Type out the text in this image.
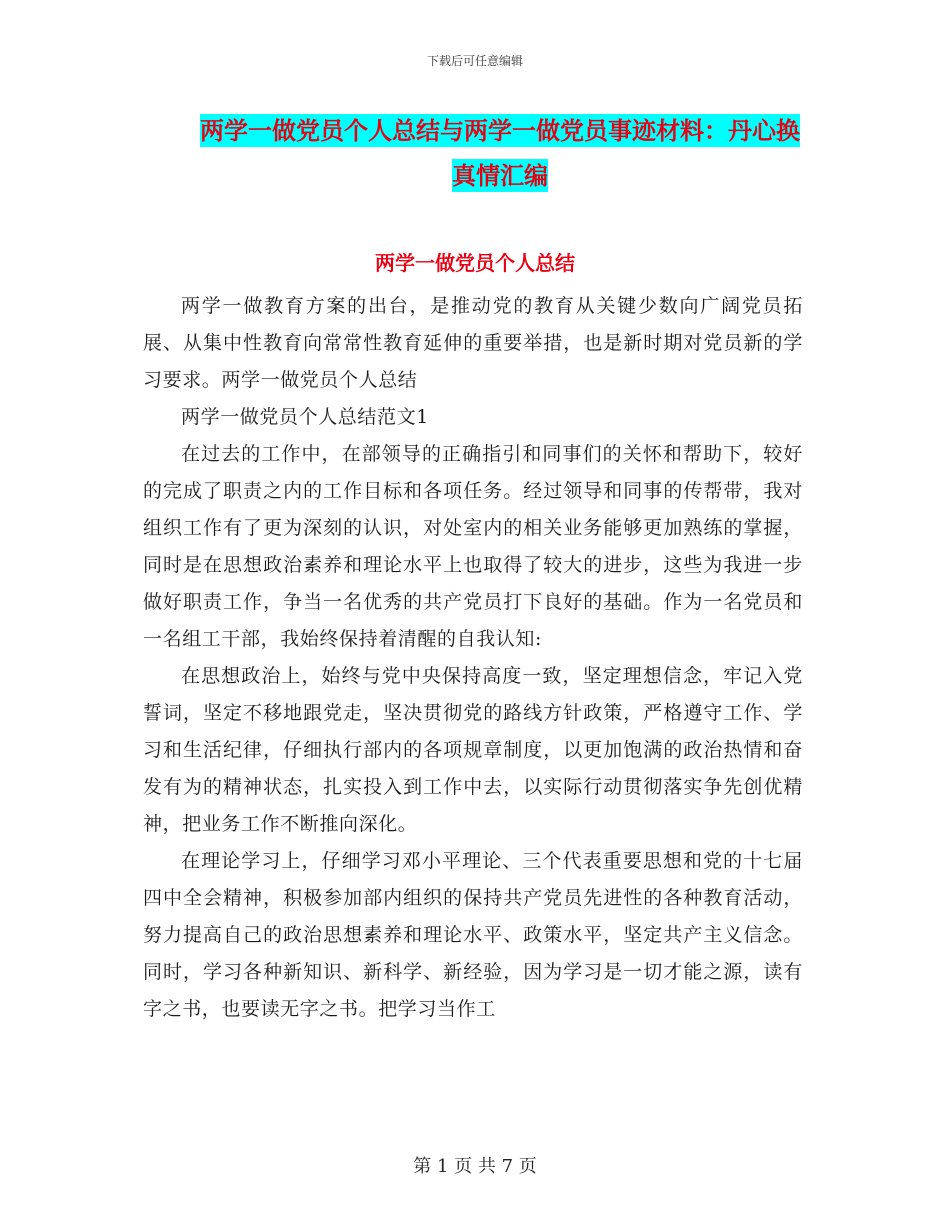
下载后可任意编辑
两学一做党员个人总结与两学一做党员事迹材料：丹心换真情汇编
两学一做党员个人总结

两学一做教育方案的出台，是推动党的教育从关键少数向广阔党员拓展、从集中性教育向常常性教育延伸的重要举措，也是新时期对党员新的学习要求。两学一做党员个人总结

两学一做党员个人总结范文1

在过去的工作中，在部领导的正确指引和同事们的关怀和帮助下，较好的完成了职责之内的工作目标和各项任务。经过领导和同事的传帮带，我对组织工作有了更为深刻的认识，对处室内的相关业务能够更加熟练的掌握，同时是在思想政治素养和理论水平上也取得了较大的进步，这些为我进一步做好职责工作，争当一名优秀的共产党员打下良好的基础。作为一名党员和一名组工干部，我始终保持着清醒的自我认知:

在思想政治上，始终与党中央保持高度一致，坚定理想信念，牢记入党誓词，坚定不移地跟党走，坚决贯彻党的路线方针政策，严格遵守工作、学习和生活纪律，仔细执行部内的各项规章制度，以更加饱满的政治热情和奋发有为的精神状态，扎实投入到工作中去，以实际行动贯彻落实争先创优精神，把业务工作不断推向深化。

在理论学习上，仔细学习邓小平理论、三个代表重要思想和党的十七届四中全会精神，积极参加部内组织的保持共产党员先进性的各种教育活动，努力提高自己的政治思想素养和理论水平、政策水平，坚定共产主义信念。同时，学习各种新知识、新科学、新经验，因为学习是一切才能之源，读有字之书，也要读无字之书。把学习当作工

第 1 页 共 7 页
